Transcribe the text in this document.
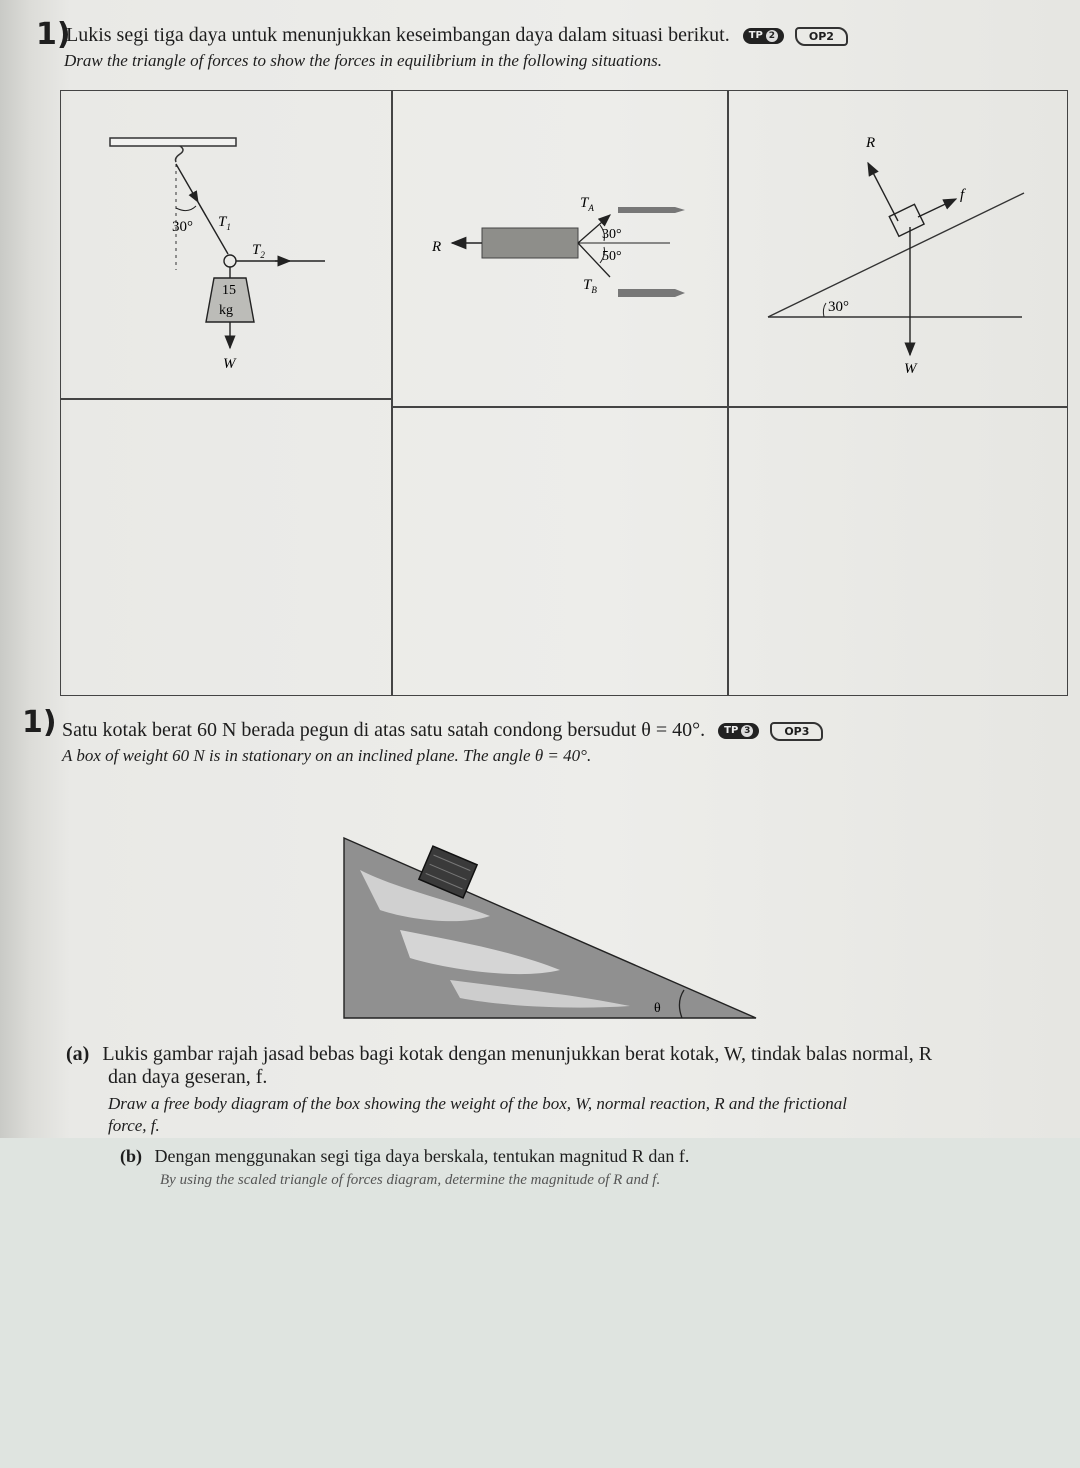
1)
Lukis segi tiga daya untuk menunjukkan keseimbangan daya dalam situasi berikut. TP 2	OP2
Draw the triangle of forces to show the forces in equilibrium in the following situations.
30° $T_1$
$T_2$
15
kg
W
R
$T_A$
$T_B$
30°
50°
30°
R
f
W
1) Satu kotak berat 60 N berada pegun di atas satu satah condong bersudut θ = 40°. TP 3	OP3
A box of weight 60 N is in stationary on an inclined plane. The angle θ = 40°.
θ
(a) Lukis gambar rajah jasad bebas bagi kotak dengan menunjukkan berat kotak, W, tindak balas normal, R
dan daya geseran, f.
Draw a free body diagram of the box showing the weight of the box, W, normal reaction, R and the frictional
force, f.
(b) Dengan menggunakan segi tiga daya berskala, tentukan magnitud R dan f.
By using the scaled triangle of forces diagram, determine the magnitude of R and f.
